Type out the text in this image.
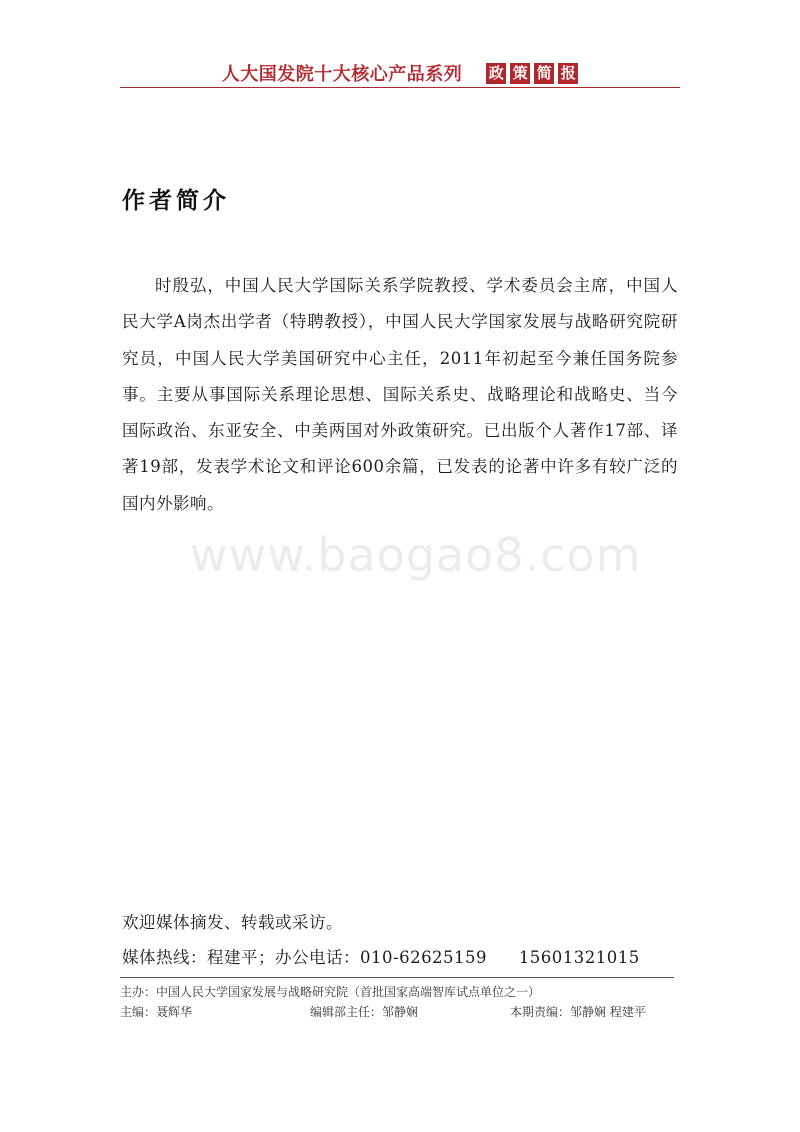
人大国发院十大核心产品系列 政 策 简 报
作者简介

时殷弘，中国人民大学国际关系学院教授、学术委员会主席，中国人民大学A岗杰出学者（特聘教授），中国人民大学国家发展与战略研究院研究员，中国人民大学美国研究中心主任，2011年初起至今兼任国务院参事。主要从事国际关系理论思想、国际关系史、战略理论和战略史、当今国际政治、东亚安全、中美两国对外政策研究。已出版个人著作17部、译著19部，发表学术论文和评论600余篇，已发表的论著中许多有较广泛的国内外影响。

www.baogao8.com
欢迎媒体摘发、转载或采访。
媒体热线：程建平；办公电话：010-62625159 15601321015
主办：中国人民大学国家发展与战略研究院（首批国家高端智库试点单位之一）
主编：聂辉华	编辑部主任：邹静娴	本期责编：邹静娴 程建平
